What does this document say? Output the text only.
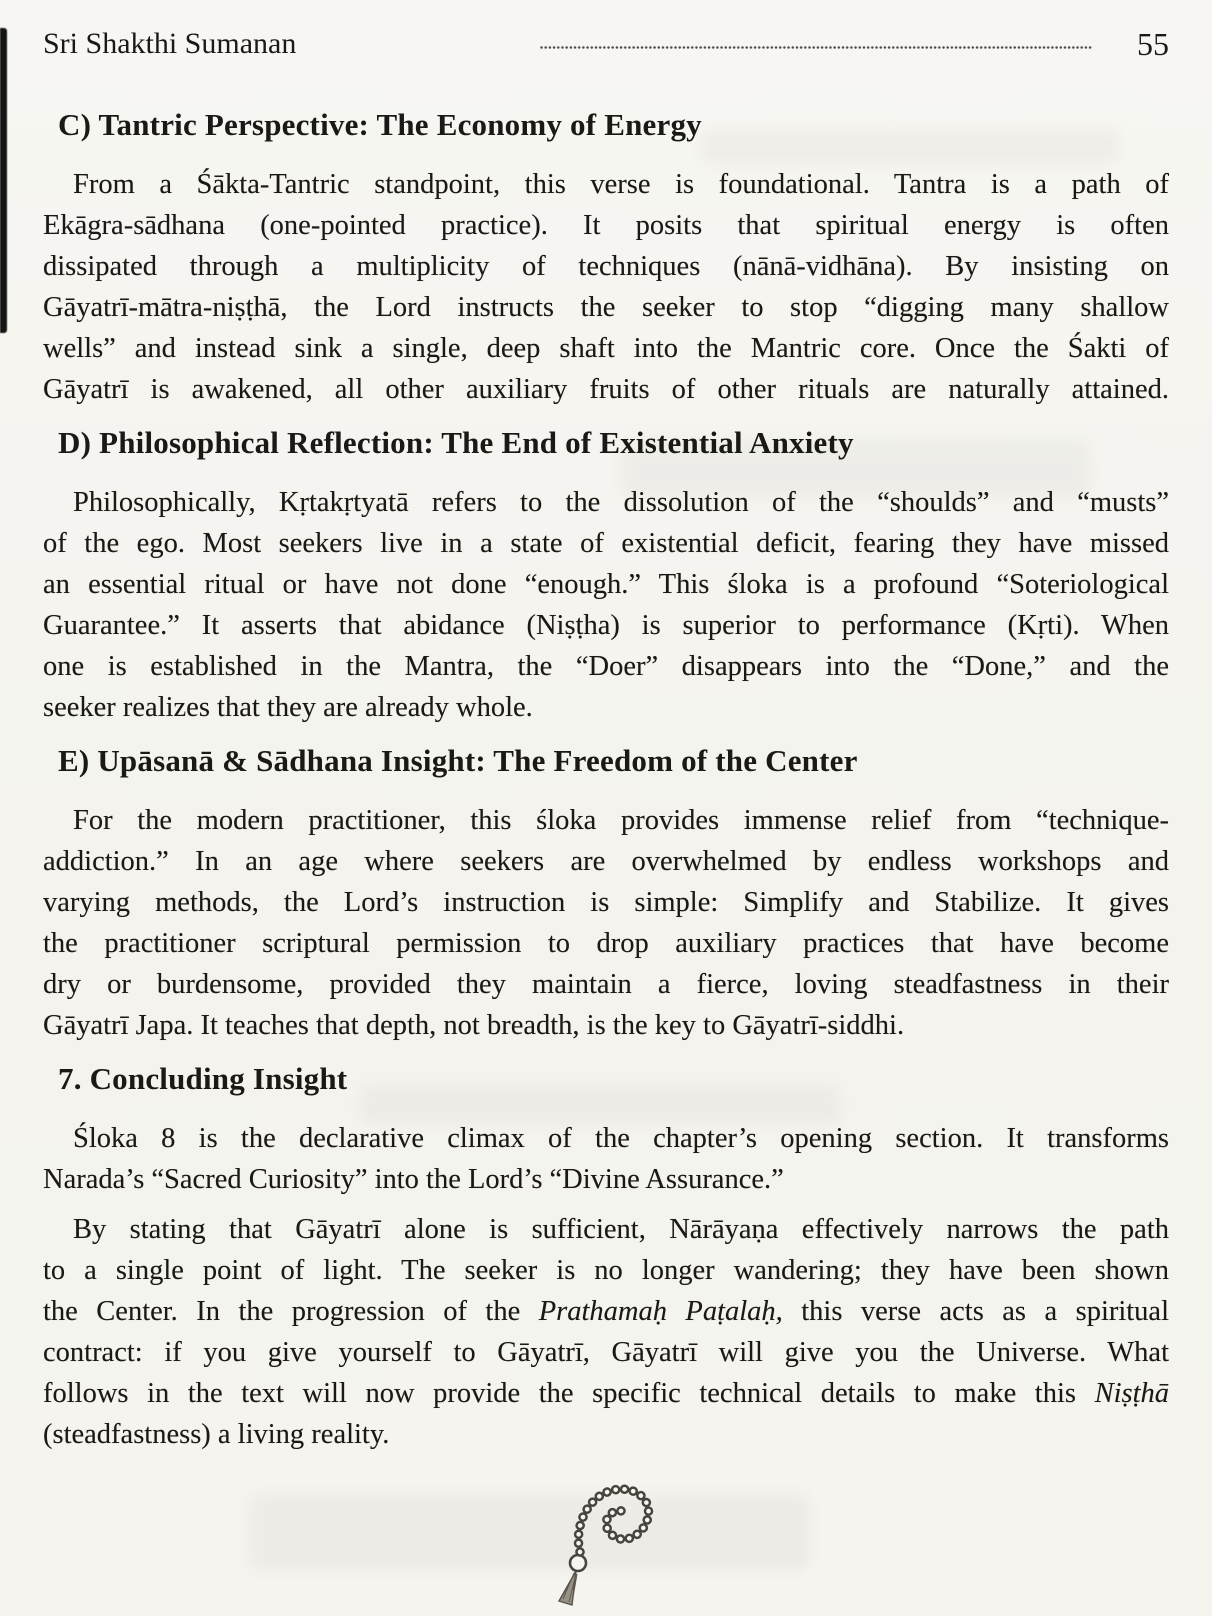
Sri Shakthi Sumanan	55
C) Tantric Perspective: The Economy of Energy
From a Śākta-Tantric standpoint, this verse is foundational. Tantra is a path of
Ekāgra-sādhana (one-pointed practice). It posits that spiritual energy is often
dissipated through a multiplicity of techniques (nānā-vidhāna). By insisting on
Gāyatrī-mātra-niṣṭhā, the Lord instructs the seeker to stop “digging many shallow
wells” and instead sink a single, deep shaft into the Mantric core. Once the Śakti of
Gāyatrī is awakened, all other auxiliary fruits of other rituals are naturally attained.
D) Philosophical Reflection: The End of Existential Anxiety
Philosophically, Kṛtakṛtyatā refers to the dissolution of the “shoulds” and “musts”
of the ego. Most seekers live in a state of existential deficit, fearing they have missed
an essential ritual or have not done “enough.” This śloka is a profound “Soteriological
Guarantee.” It asserts that abidance (Niṣṭha) is superior to performance (Kṛti). When
one is established in the Mantra, the “Doer” disappears into the “Done,” and the
seeker realizes that they are already whole.
E) Upāsanā & Sādhana Insight: The Freedom of the Center
For the modern practitioner, this śloka provides immense relief from “technique-
addiction.” In an age where seekers are overwhelmed by endless workshops and
varying methods, the Lord’s instruction is simple: Simplify and Stabilize. It gives
the practitioner scriptural permission to drop auxiliary practices that have become
dry or burdensome, provided they maintain a fierce, loving steadfastness in their
Gāyatrī Japa. It teaches that depth, not breadth, is the key to Gāyatrī-siddhi.
7. Concluding Insight
Śloka 8 is the declarative climax of the chapter’s opening section. It transforms
Narada’s “Sacred Curiosity” into the Lord’s “Divine Assurance.”
By stating that Gāyatrī alone is sufficient, Nārāyaṇa effectively narrows the path
to a single point of light. The seeker is no longer wandering; they have been shown
the Center. In the progression of the Prathamaḥ Paṭalaḥ, this verse acts as a spiritual
contract: if you give yourself to Gāyatrī, Gāyatrī will give you the Universe. What
follows in the text will now provide the specific technical details to make this Niṣṭhā
(steadfastness) a living reality.
